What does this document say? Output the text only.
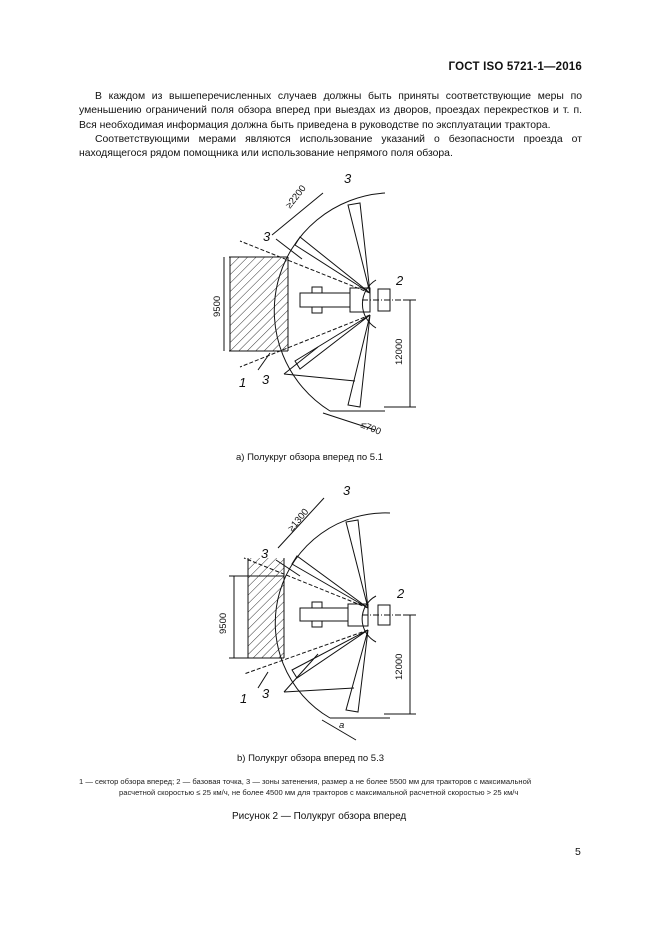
ГОСТ ISO 5721-1—2016

В каждом из вышеперечисленных случаев должны быть приняты соответствующие меры по уменьшению ограничений поля обзора вперед при выездах из дворов, проездах перекрестков и т. п. Вся необходимая информация должна быть приведена в руководстве по эксплуатации трактора.

Соответствующими мерами являются использование указаний о безопасности проезда от находящегося рядом помощника или использование непрямого поля обзора.

≥2200
9500
12000
≤700
3
3
3
1
2
а) Полукруг обзора вперед по 5.1
≥1300
9500
12000
a
3
3
3
1
2
b) Полукруг обзора вперед по 5.3
1 — сектор обзора вперед; 2 — базовая точка, 3 — зоны затенения, размер a не более 5500 мм для тракторов с максимальной
расчетной скоростью ≤ 25 км/ч, не более 4500 мм для тракторов с максимальной расчетной скоростью > 25 км/ч
Рисунок 2 — Полукруг обзора вперед
5
